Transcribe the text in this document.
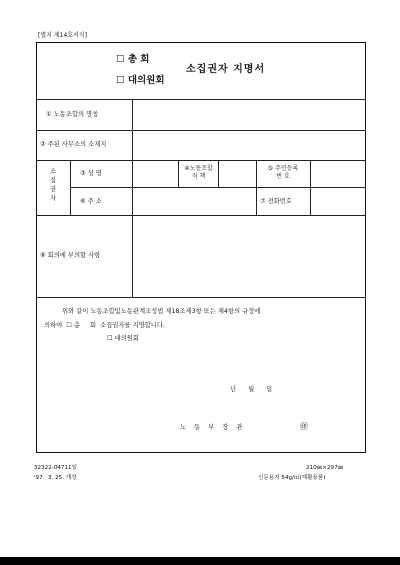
[별지 제14호서식]
☐ 총 회
☐ 대의원회
소집권자 지명서
① 노동조합의 명칭
② 주된 사무소의 소재지
소집권자
③ 성 명
④노동조합
직 책
⑤ 주민등록
번 호
⑥ 주 소	⑦ 전화번호
⑧ 회의에 부의할 사항
위와 같이 노동조합및노동관계조정법 제18조제3항 또는 제4항의 규정에
의하여  ☐ 총     회  소집권자를 지명합니다.
☐ 대의원회
년      월      일
노    동    부    장    관	㊞
32322-04711일
'97.  3. 25. 개정
210㎜×297㎜
신문용지 54g/㎡(재활용품)
